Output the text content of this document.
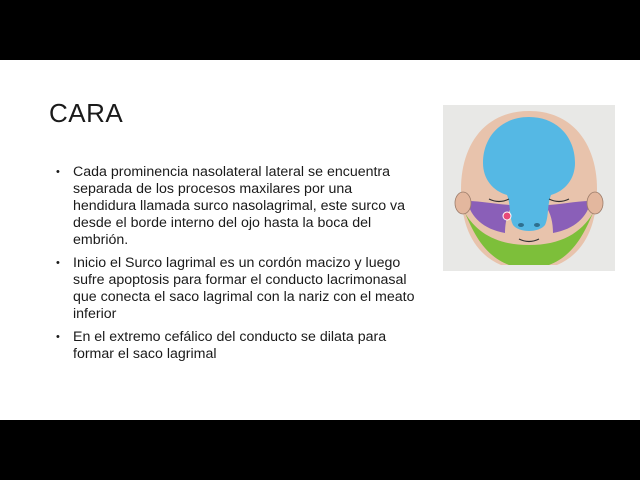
CARA
• Cada prominencia nasolateral lateral se encuentra separada de los procesos maxilares por una hendidura llamada surco nasolagrimal, este surco va desde el borde interno del ojo hasta la boca del embrión.
• Inicio el Surco lagrimal es un cordón macizo y luego sufre apoptosis para formar el conducto lacrimonasal que conecta el saco lagrimal con la nariz con el meato inferior
• En el extremo cefálico del conducto se dilata para formar el saco lagrimal
